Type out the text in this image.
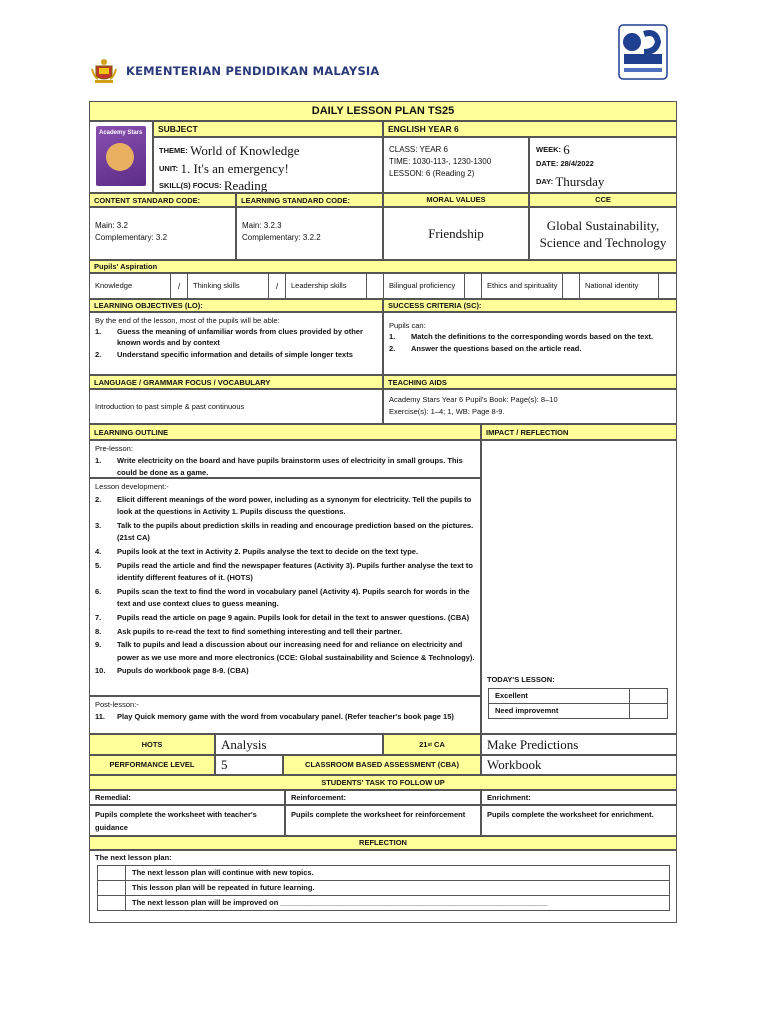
KEMENTERIAN PENDIDIKAN MALAYSIA
DAILY LESSON PLAN TS25
Academy Stars	SUBJECT	ENGLISH YEAR 6
THEME:
World of Knowledge
UNIT:
1. It's an emergency!
SKILL(S) FOCUS:
Reading
CLASS: YEAR 6
TIME: 1030-113-, 1230-1300
LESSON: 6 (Reading 2)
WEEK:
6
DATE: 28/4/2022
DAY:
Thursday
CONTENT STANDARD CODE:	LEARNING STANDARD CODE:	MORAL VALUES	CCE
Main: 3.2
Complementary: 3.2
Main: 3.2.3
Complementary: 3.2.2	Friendship
Global Sustainability, Science and Technology
Pupils' Aspiration
Knowledge	/	Thinking skills	/	Leadership skills	Bilingual proficiency	Ethics and spirituality	National identity
LEARNING OBJECTIVES (LO):	SUCCESS CRITERIA (SC):
By the end of the lesson, most of the pupils will be able:
1.	Guess the meaning of unfamiliar words from clues provided by other known words and by context
2.	Understand specific information and details of simple longer texts
Pupils can:
1.	Match the definitions to the corresponding words based on the text.
2.	Answer the questions based on the article read.
LANGUAGE / GRAMMAR FOCUS / VOCABULARY	TEACHING AIDS
Introduction to past simple & past continuous
Academy Stars Year 6 Pupil's Book: Page(s): 8–10
Exercise(s): 1–4; 1, WB: Page 8-9.
LEARNING OUTLINE	IMPACT / REFLECTION
Pre-lesson:
1.	Write electricity on the board and have pupils brainstorm uses of electricity in small groups. This could be done as a game.
Lesson development:-
2.	Elicit different meanings of the word power, including as a synonym for electricity. Tell the pupils to look at the questions in Activity 1. Pupils discuss the questions.
3.	Talk to the pupils about prediction skills in reading and encourage prediction based on the pictures. (21st CA)
4.	Pupils look at the text in Activity 2. Pupils analyse the text to decide on the text type.
5.	Pupils read the article and find the newspaper features (Activity 3). Pupils further analyse the text to identify different features of it. (HOTS)
6.	Pupils scan the text to find the word in vocabulary panel (Activity 4). Pupils search for words in the text and use context clues to guess meaning.
7.	Pupils read the article on page 9 again. Pupils look for detail in the text to answer questions. (CBA)
8.	Ask pupils to re-read the text to find something interesting and tell their partner.
9.	Talk to pupils and lead a discussion about our increasing need for and reliance on electricity and power as we use more and more electronics (CCE: Global sustainability and Science & Technology).
10.	Pupuls do workbook page 8-9. (CBA)
Post-lesson:-
11.	Play Quick memory game with the word from vocabulary panel. (Refer teacher's book page 15)
TODAY'S LESSON:
Excellent
Need improvemnt
HOTS	Analysis	21 st CA	Make Predictions
PERFORMANCE LEVEL	5	CLASSROOM BASED ASSESSMENT (CBA)	Workbook
STUDENTS' TASK TO FOLLOW UP
Remedial:	Reinforcement:	Enrichment:
Pupils complete the worksheet with teacher's guidance
Pupils complete the worksheet for reinforcement	Pupils complete the worksheet for enrichment.
REFLECTION
The next lesson plan:
The next lesson plan will continue with new topics.
This lesson plan will be repeated in future learning.
The next lesson plan will be improved on ________________________________________________________________
